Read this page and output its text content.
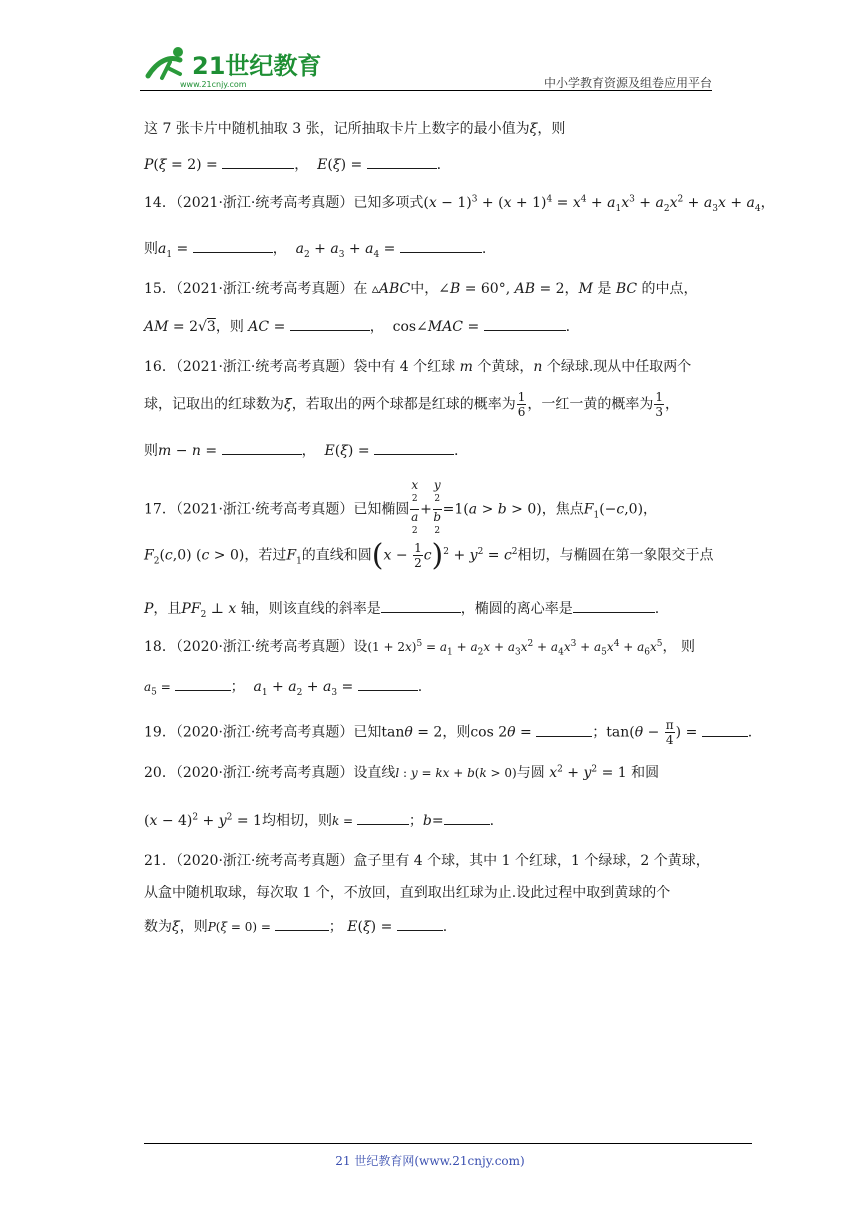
21世纪教育
www.21cnjy.com	中小学教育资源及组卷应用平台
这 7 张卡片中随机抽取 3 张，记所抽取卡片上数字的最小值为ξ，则
P(ξ = 2) =	，  E(ξ) =	.
14．（2021·浙江·统考高考真题）已知多项式$(x - 1)^3 + (x + 1)^4 = x^4 + a_1x^3 + a_2x^2 + a_3x + a_4$，
则$a_1$ =	，  $a_2 + a_3 + a_4$ =	.
15．（2021·浙江·统考高考真题）在 ▵ABC中，∠B = 60°, AB = 2，M 是 BC 的中点，
AM = 2√3，则 AC =	，  cos∠MAC =	.
16．（2021·浙江·统考高考真题）袋中有 4 个红球 m 个黄球，n 个绿球.现从中任取两个
球，记取出的红球数为ξ，若取出的两个球都是红球的概率为 $\frac{1}{6}$ ，一红一黄的概率为 $\frac{1}{3}$ ，
则m − n =	，  E(ξ) =	.
17．（2021·浙江·统考高考真题）已知椭圆 x
$^2$
a
$^2$ + y
$^2$
b
$^2$ =1(a > b > 0)，焦点$F_1(-c,0)$，
$F_2(c,0) (c > 0)$，若过$F_1$的直线和圆$(x - \frac{1}{2} c)^2 + y^2 = c^2$相切，与椭圆在第一象限交于点
P，且$PF_2$ ⊥ x 轴，则该直线的斜率是	，椭圆的离心率是	.
18．（2020·浙江·统考高考真题）设$(1 + 2x)^5 = a_1 + a_2x + a_3x^2 + a_4x^3 + a_5x^4 + a_6x^5$， 则
$a_5$ =	；  $a_1 + a_2 + a_3$ =	.
19．（2020·浙江·统考高考真题）已知tanθ = 2，则cos 2θ =	；$\tan(\theta - \frac{\pi}{4}$ ) =	.
20．（2020·浙江·统考高考真题）设直线l : y = kx + b(k > 0)与圆 $x^2 + y^2 = 1$ 和圆
$(x - 4)^2 + y^2 = 1$均相切，则k =	；b=	.
21．（2020·浙江·统考高考真题）盒子里有 4 个球，其中 1 个红球，1 个绿球，2 个黄球，
从盒中随机取球，每次取 1 个，不放回，直到取出红球为止.设此过程中取到黄球的个
数为ξ，则P(ξ = 0) =	； E(ξ) =	.
21 世纪教育网(www.21cnjy.com)
